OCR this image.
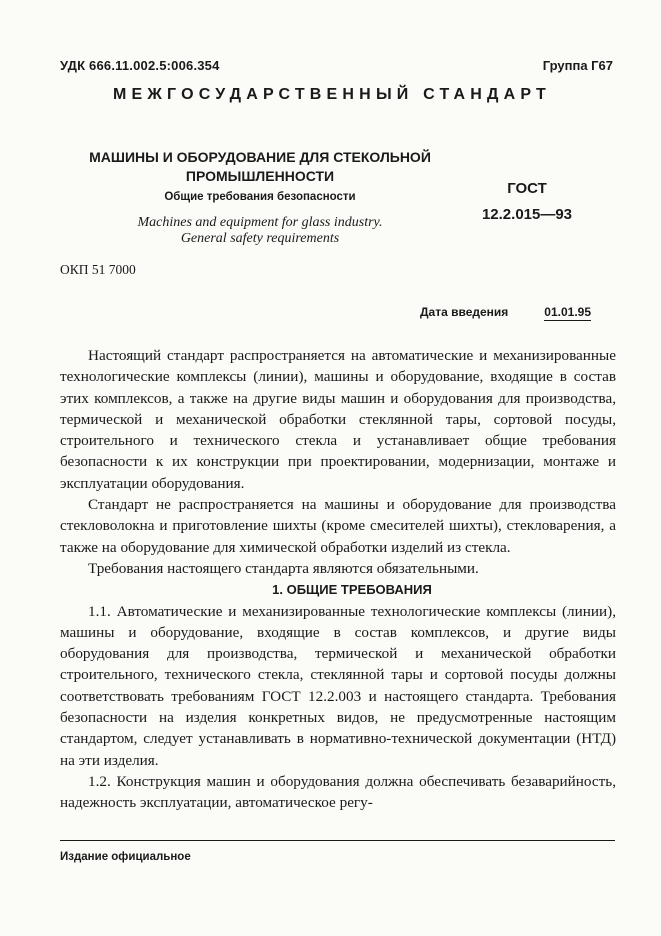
УДК 666.11.002.5:006.354	Группа Г67
МЕЖГОСУДАРСТВЕННЫЙ СТАНДАРТ
МАШИНЫ И ОБОРУДОВАНИЕ ДЛЯ СТЕКОЛЬНОЙ
ПРОМЫШЛЕННОСТИ
Общие требования безопасности
Machines and equipment for glass industry.
General safety requirements
ГОСТ
12.2.015—93
ОКП 51 7000
Дата введения	01.01.95

Настоящий стандарт распространяется на автоматические и механизированные технологические комплексы (линии), машины и оборудование, входящие в состав этих комплексов, а также на другие виды машин и оборудования для производства, термической и механической обработки стеклянной тары, сортовой посуды, строительного и технического стекла и устанавливает общие требования безопасности к их конструкции при проектировании, модернизации, монтаже и эксплуатации оборудования.

Стандарт не распространяется на машины и оборудование для производства стекловолокна и приготовление шихты (кроме смесителей шихты), стекловарения, а также на оборудование для химической обработки изделий из стекла.

Требования настоящего стандарта являются обязательными.

1. ОБЩИЕ ТРЕБОВАНИЯ

1.1. Автоматические и механизированные технологические комплексы (линии), машины и оборудование, входящие в состав комплексов, и другие виды оборудования для производства, термической и механической обработки строительного, технического стекла, стеклянной тары и сортовой посуды должны соответствовать требованиям ГОСТ 12.2.003 и настоящего стандарта. Требования безопасности на изделия конкретных видов, не предусмотренные настоящим стандартом, следует устанавливать в нормативно-технической документации (НТД) на эти изделия.

1.2. Конструкция машин и оборудования должна обеспечивать безаварийность, надежность эксплуатации, автоматическое регу-

Издание официальное
